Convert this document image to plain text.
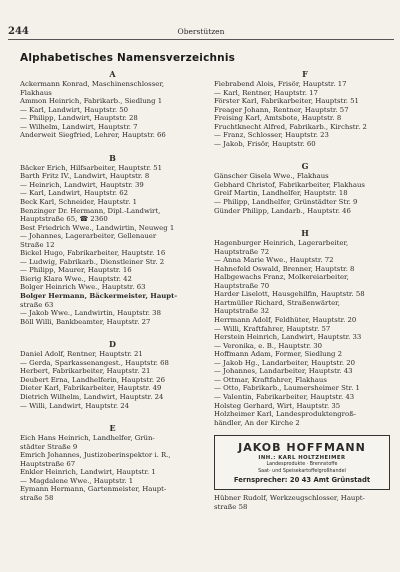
244	Oberstützen
Alphabetisches Namensverzeichnis
A
Ackermann Konrad, Maschinenschlosser,
Flakhaus
Ammon Heinrich, Fabrikarb., Siedlung 1
— Karl, Landwirt, Hauptstr. 50
— Philipp, Landwirt, Hauptstr. 28
— Wilhelm, Landwirt, Hauptstr. 7
Anderweit Siegfried, Lehrer, Hauptstr. 66
B
Bäcker Erich, Hilfsarbeiter, Hauptstr. 51
Barth Fritz IV., Landwirt, Hauptstr. 8
— Heinrich, Landwirt, Hauptstr. 39
— Karl, Landwirt, Hauptstr. 62
Beck Karl, Schneider, Hauptstr. 1
Benzinger Dr. Hermann, Dipl.-Landwirt,
Hauptstraße 65, ☎ 2360
Best Friedrich Wwe., Landwirtin, Neuweg 1
— Johannes, Lagerarbeiter, Gellenauer
Straße 12
Bickel Hugo, Fabrikarbeiter, Hauptstr. 16
— Ludwig, Fabrikarb., Dienstleiner Str. 2
— Philipp, Maurer, Hauptstr. 16
Bierig Klara Wwe., Hauptstr. 42
Bolger Heinrich Wwe., Hauptstr. 63
Bolger Hermann, Bäckermeister, Haupt-
straße 63
— Jakob Wwe., Landwirtin, Hauptstr. 38
Böll Willi, Bankbeamter, Hauptstr. 27
D
Daniel Adolf, Rentner, Hauptstr. 21
— Gerda, Sparkassenangest., Hauptstr. 68
Herbert, Fabrikarbeiter, Hauptstr. 21
Deubert Erna, Landhelferin, Hauptstr. 26
Dieter Karl, Fabrikarbeiter, Hauptstr. 49
Dietrich Wilhelm, Landwirt, Hauptstr. 24
— Willi, Landwirt, Hauptstr. 24
E
Eich Hans Heinrich, Landhelfer, Grün-
städter Straße 9
Emrich Johannes, Justizoberinspektor i. R.,
Hauptstraße 67
Enkler Heinrich, Landwirt, Hauptstr. 1
— Magdalene Wwe., Hauptstr. 1
Eymann Hermann, Gartenmeister, Haupt-
straße 58
F
Fiebrabend Alois, Frisör, Hauptstr. 17
— Karl, Rentner, Hauptstr. 17
Förster Karl, Fabrikarbeiter, Hauptstr. 51
Freager Johann, Rentner, Hauptstr. 57
Freising Karl, Amtsbote, Hauptstr. 8
Fruchtknecht Alfred, Fabrikarb., Kirchstr. 2
— Franz, Schlosser, Hauptstr. 23
— Jakob, Frisör, Hauptstr. 60
G
Gänscher Gisela Wwe., Flakhaus
Gebhard Christof, Fabrikarbeiter, Flakhaus
Greif Martin, Landhelfer, Hauptstr. 18
— Philipp, Landhelfer, Grünstädter Str. 9
Günder Philipp, Landarb., Hauptstr. 46
H
Hagenburger Heinrich, Lagerarbeiter,
Hauptstraße 72
— Anna Marie Wwe., Hauptstr. 72
Hahnefeld Oswald, Brenner, Hauptstr. 8
Halbgewachs Franz, Molkereiarbeiter,
Hauptstraße 70
Harder Liselott, Hausgehilfin, Hauptstr. 58
Hartmüller Richard, Straßenwärter,
Hauptstraße 32
Herrmann Adolf, Feldhüter, Hauptstr. 20
— Willi, Kraftfahrer, Hauptstr. 57
Herstein Heinrich, Landwirt, Hauptstr. 33
— Veronika, e. B., Hauptstr. 30
Hoffmann Adam, Former, Siedlung 2
— Jakob Hg., Landarbeiter, Hauptstr. 20
— Johannes, Landarbeiter, Hauptstr. 43
— Ottmar, Kraftfahrer, Flakhaus
— Otto, Fabrikarb., Laumersheimer Str. 1
— Valentin, Fabrikarbeiter, Hauptstr. 43
Holsteg Gerhard, Wirt, Hauptstr. 35
Holzheimer Karl, Landesproduktengroß-
händler, An der Kirche 2
JAKOB HOFFMANN
INH.: KARL HOLTZHEIMER
Landesprodukte · Brennstoffe
Saat- und Speisekartoffelgroßhandel
Fernsprecher: 20 43 Amt Grünstadt
Hübner Rudolf, Werkzeugschlosser, Haupt-
straße 58
